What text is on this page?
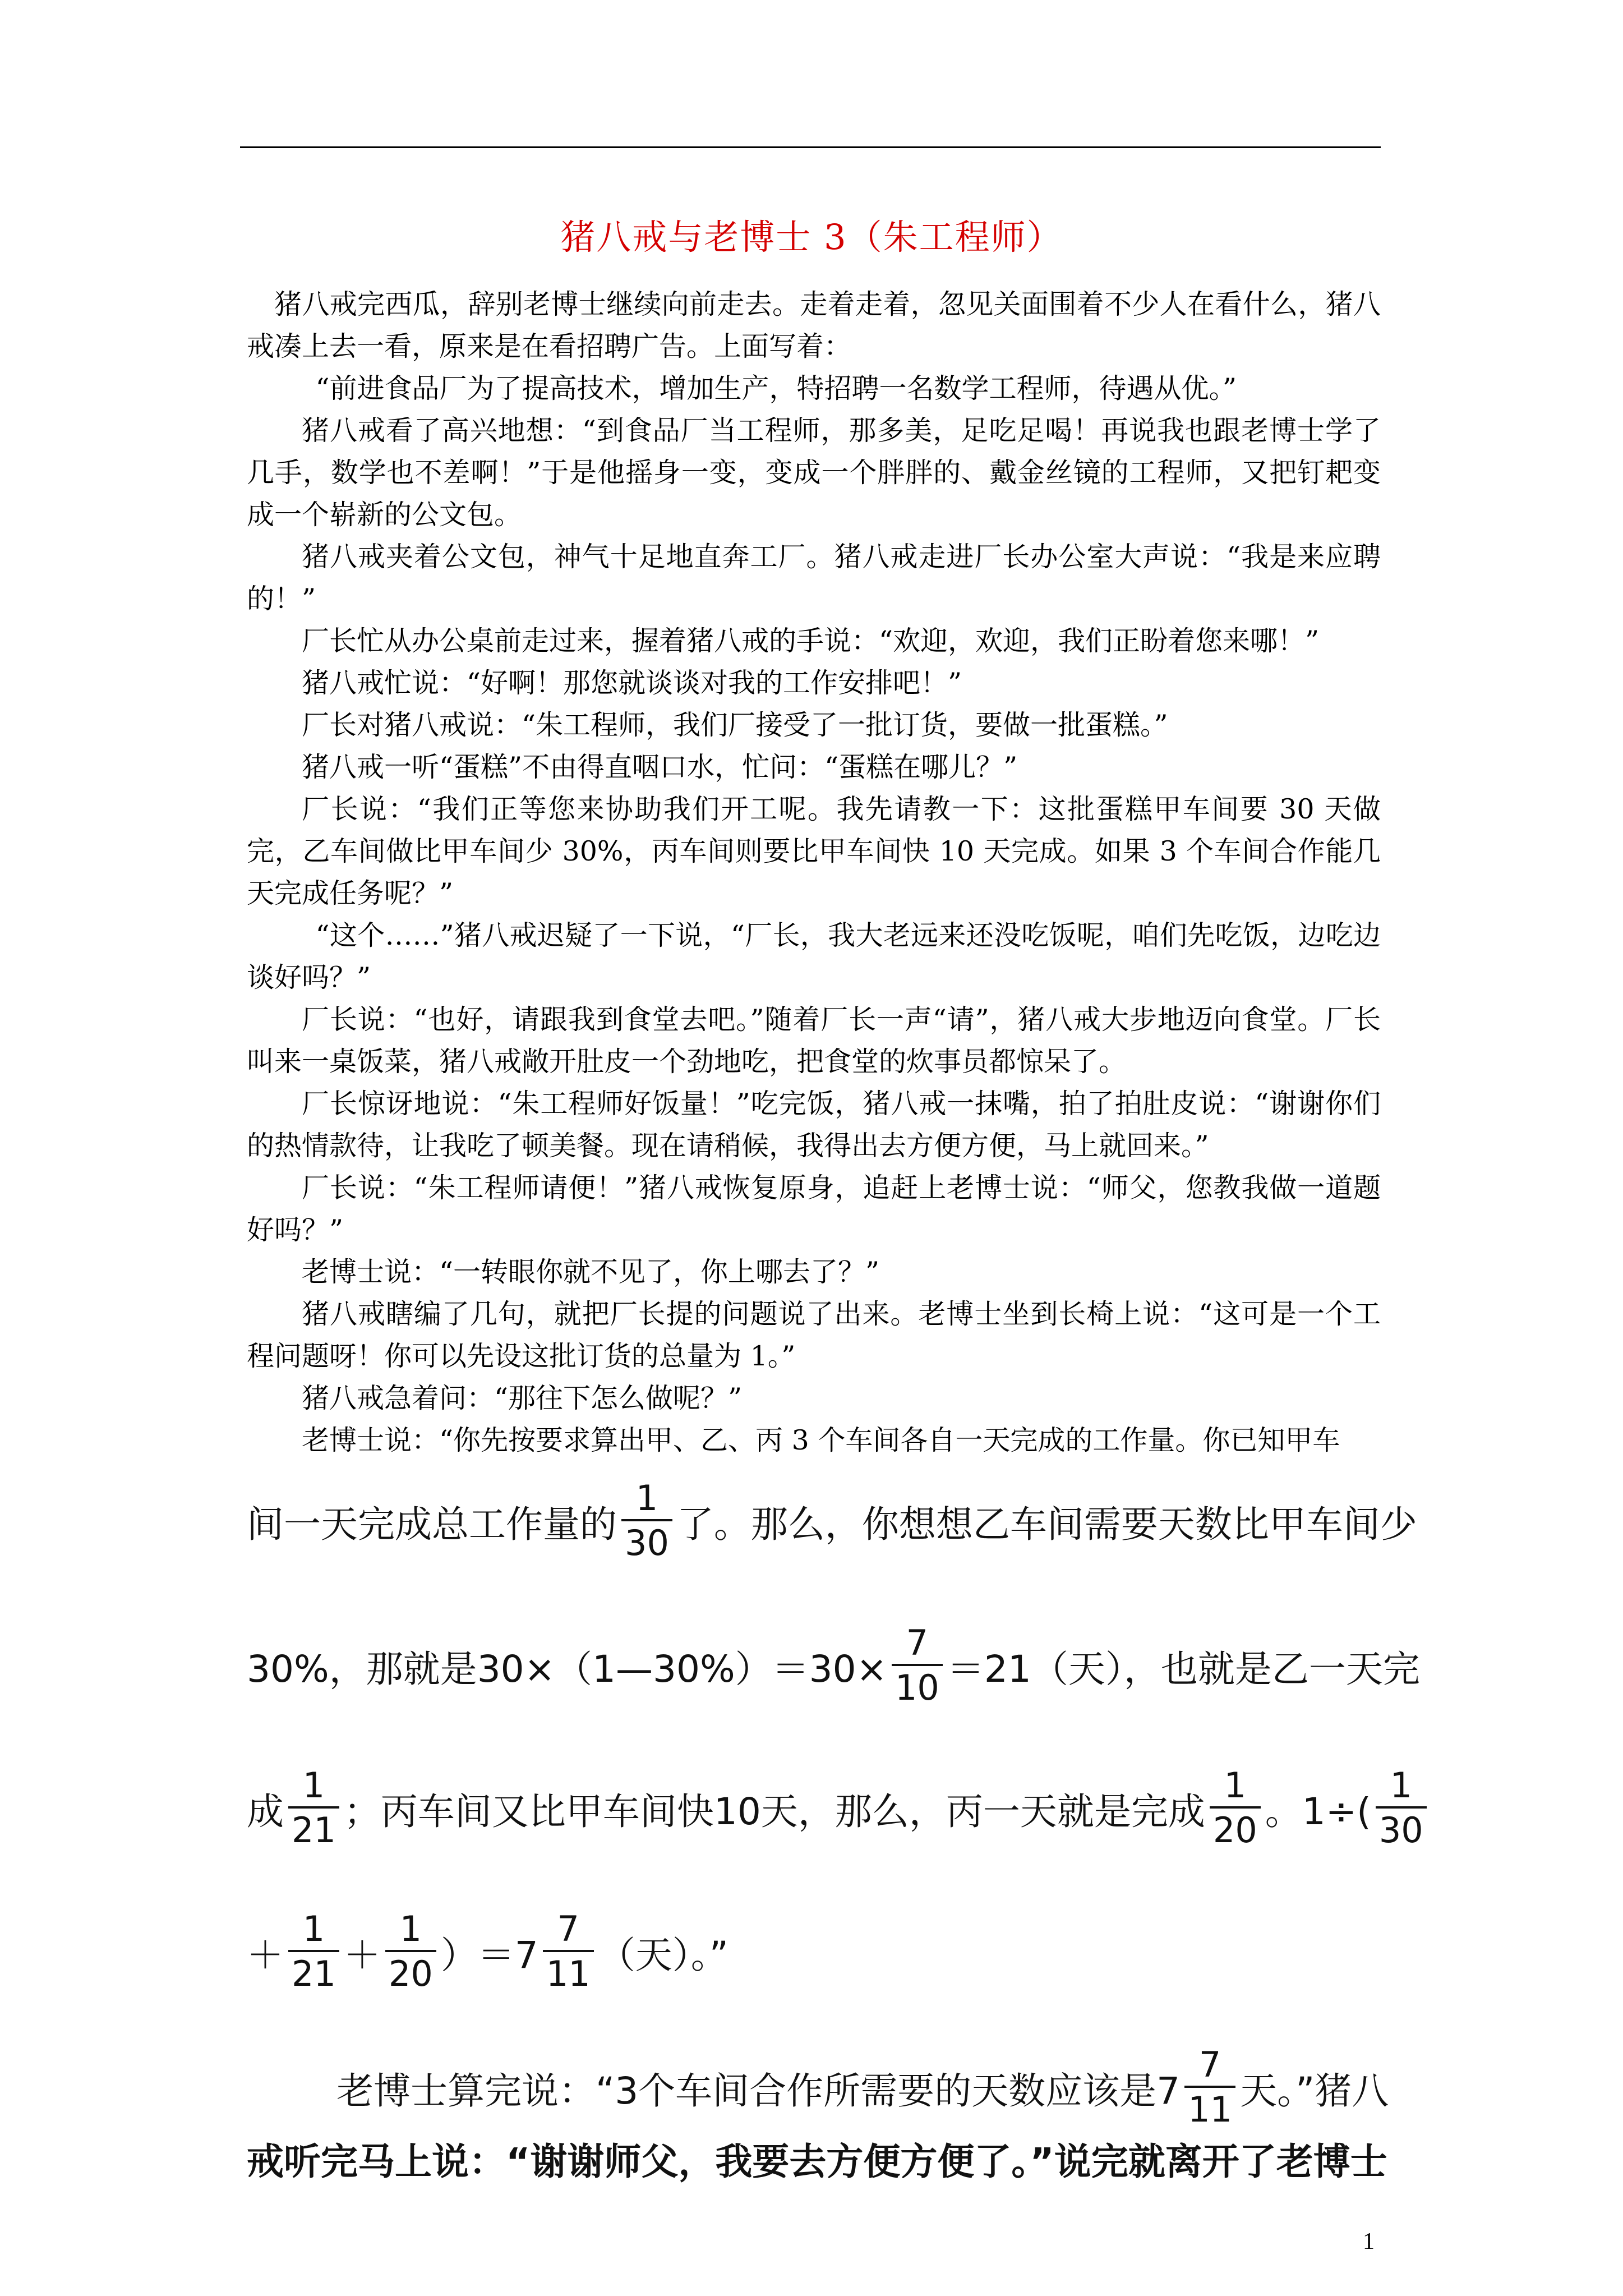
猪八戒与老博士 3（朱工程师）

猪八戒完西瓜，辞别老博士继续向前走去。走着走着，忽见关面围着不少人在看什么，猪八戒凑上去一看，原来是在看招聘广告。上面写着：

“前进食品厂为了提高技术，增加生产，特招聘一名数学工程师，待遇从优。”

猪八戒看了高兴地想：“到食品厂当工程师，那多美，足吃足喝！再说我也跟老博士学了几手，数学也不差啊！”于是他摇身一变，变成一个胖胖的、戴金丝镜的工程师，又把钉耙变成一个崭新的公文包。

猪八戒夹着公文包，神气十足地直奔工厂。猪八戒走进厂长办公室大声说：“我是来应聘的！”

厂长忙从办公桌前走过来，握着猪八戒的手说：“欢迎，欢迎，我们正盼着您来哪！”

猪八戒忙说：“好啊！那您就谈谈对我的工作安排吧！”

厂长对猪八戒说：“朱工程师，我们厂接受了一批订货，要做一批蛋糕。”

猪八戒一听“蛋糕”不由得直咽口水，忙问：“蛋糕在哪儿？”

厂长说：“我们正等您来协助我们开工呢。我先请教一下：这批蛋糕甲车间要 30 天做完，乙车间做比甲车间少 30%，丙车间则要比甲车间快 10 天完成。如果 3 个车间合作能几天完成任务呢？”

“这个……”猪八戒迟疑了一下说，“厂长，我大老远来还没吃饭呢，咱们先吃饭，边吃边谈好吗？”

厂长说：“也好，请跟我到食堂去吧。”随着厂长一声“请”，猪八戒大步地迈向食堂。厂长叫来一桌饭菜，猪八戒敞开肚皮一个劲地吃，把食堂的炊事员都惊呆了。

厂长惊讶地说：“朱工程师好饭量！”吃完饭，猪八戒一抹嘴，拍了拍肚皮说：“谢谢你们的热情款待，让我吃了顿美餐。现在请稍候，我得出去方便方便，马上就回来。”

厂长说：“朱工程师请便！”猪八戒恢复原身，追赶上老博士说：“师父，您教我做一道题好吗？”

老博士说：“一转眼你就不见了，你上哪去了？”

猪八戒瞎编了几句，就把厂长提的问题说了出来。老博士坐到长椅上说：“这可是一个工程问题呀！你可以先设这批订货的总量为 1。”

猪八戒急着问：“那往下怎么做呢？”

老博士说：“你先按要求算出甲、乙、丙 3 个车间各自一天完成的工作量。你已知甲车

间一天完成总工作量的 $\frac{1}{30}$ 了。那么，你想想乙车间需要天数比甲车间少
30%，那就是30×（1—30%）＝30× $\frac{7}{10} =21$（天），也就是乙一天完
成 $\frac{1}{21}$ ；丙车间又比甲车间快10天，那么，丙一天就是完成 $\frac{1}{20}$ 。$1\div( \frac{1}{30}$
＋ $\frac{1}{21} + \frac{1}{20} )=7 \frac{7}{11}$ （天）。”
老博士算完说：“3个车间合作所需要的天数应该是$7 \frac{7}{11}$ 天。”猪八
戒听完马上说：“谢谢师父，我要去方便方便了。”说完就离开了老博士
1
